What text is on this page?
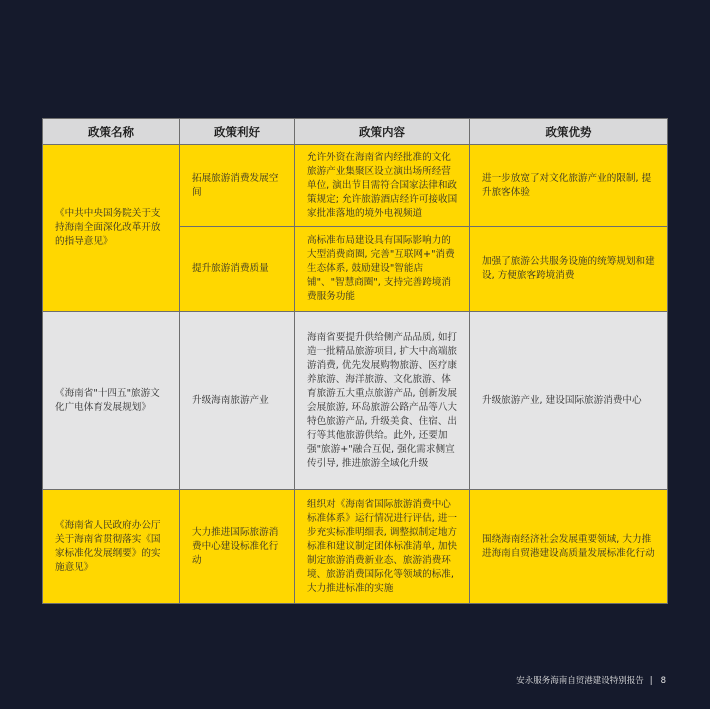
政策名称	政策利好	政策内容	政策优势
《中共中央国务院关于支持海南全面深化改革开放的指导意见》	拓展旅游消费发展空间	允许外资在海南省内经批准的文化旅游产业集聚区设立演出场所经营单位, 演出节目需符合国家法律和政策规定; 允许旅游酒店经许可接收国家批准落地的境外电视频道	进一步放宽了对文化旅游产业的限制, 提升旅客体验
	提升旅游消费质量	高标准布局建设具有国际影响力的大型消费商圈, 完善"互联网+"消费生态体系, 鼓励建设"智能店铺"、"智慧商圈", 支持完善跨境消费服务功能	加强了旅游公共服务设施的统筹规划和建设, 方便旅客跨境消费
《海南省"十四五"旅游文化广电体育发展规划》	升级海南旅游产业	海南省要提升供给侧产品品质, 如打造一批精品旅游项目, 扩大中高端旅游消费, 优先发展购物旅游、医疗康养旅游、海洋旅游、文化旅游、体育旅游五大重点旅游产品, 创新发展会展旅游, 环岛旅游公路产品等八大特色旅游产品, 升级美食、住宿、出行等其他旅游供给。此外, 还要加强"旅游+"融合互促, 强化需求侧宣传引导, 推进旅游全域化升级	升级旅游产业, 建设国际旅游消费中心
《海南省人民政府办公厅关于海南省贯彻落实《国家标准化发展纲要》的实施意见》	大力推进国际旅游消费中心建设标准化行动	组织对《海南省国际旅游消费中心标准体系》运行情况进行评估, 进一步充实标准明细表, 调整拟制定地方标准和建议制定团体标准清单, 加快制定旅游消费新业态、旅游消费环境、旅游消费国际化等领域的标准, 大力推进标准的实施	围绕海南经济社会发展重要领域, 大力推进海南自贸港建设高质量发展标准化行动
安永服务海南自贸港建设特别报告 | 8
